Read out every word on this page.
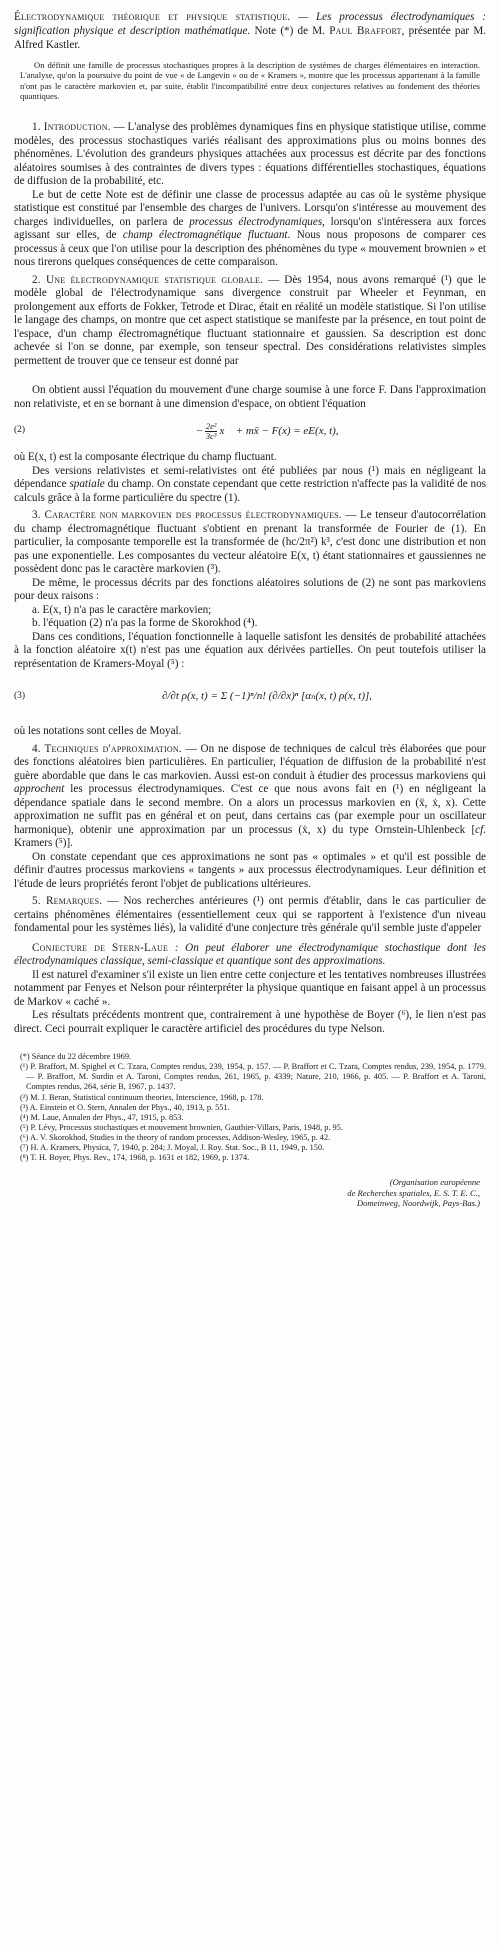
Électrodynamique théorique et physique statistique. — Les processus électrodynamiques : signification physique et description mathématique. Note (*) de M. Paul Braffort, présentée par M. Alfred Kastler.

On définit une famille de processus stochastiques propres à la description de systèmes de charges élémentaires en interaction. L'analyse, qu'on la poursuive du point de vue « de Langevin » ou de « Kramers », montre que les processus appartenant à la famille n'ont pas le caractère markovien et, par suite, établit l'incompatibilité entre deux conjectures relatives au fondement des théories quantiques.

1. Introduction. — L'analyse des problèmes dynamiques fins en physique statistique utilise, comme modèles, des processus stochastiques variés réalisant des approximations plus ou moins bonnes des phénomènes. L'évolution des grandeurs physiques attachées aux processus est décrite par des fonctions aléatoires soumises à des contraintes de divers types : équations différentielles stochastiques, équations de diffusion de la probabilité, etc.

Le but de cette Note est de définir une classe de processus adaptée au cas où le système physique statistique est constitué par l'ensemble des charges de l'univers. Lorsqu'on s'intéresse au mouvement des charges individuelles, on parlera de processus électrodynamiques, lorsqu'on s'intéressera aux forces agissant sur elles, de champ électromagnétique fluctuant. Nous nous proposons de comparer ces processus à ceux que l'on utilise pour la description des phénomènes du type « mouvement brownien » et nous tirerons quelques conséquences de cette comparaison.

2. Une électrodynamique statistique globale. — Dès 1954, nous avons remarqué (¹) que le modèle global de l'électrodynamique sans divergence construit par Wheeler et Feynman, en prolongement aux efforts de Fokker, Tetrode et Dirac, était en réalité un modèle statistique. Si l'on utilise le langage des champs, on montre que cet aspect statistique se manifeste par la présence, en tout point de l'espace, d'un champ électromagnétique fluctuant stationnaire et gaussien. Sa description est donc achevée si l'on se donne, par exemple, son tenseur spectral. Des considérations relativistes simples permettent de trouver que ce tenseur est donné par

On obtient aussi l'équation du mouvement d'une charge soumise à une force F. Dans l'approximation non relativiste, et en se bornant à une dimension d'espace, on obtient l'équation

(2)	− $\frac{\text{2e²}}{\text{3c³}}$ x⃛ + mẍ − F(x) = eE(x, t),

où E(x, t) est la composante électrique du champ fluctuant.

Des versions relativistes et semi-relativistes ont été publiées par nous (¹) mais en négligeant la dépendance spatiale du champ. On constate cependant que cette restriction n'affecte pas la validité de nos calculs grâce à la forme particulière du spectre (1).

3. Caractère non markovien des processus électrodynamiques. — Le tenseur d'autocorrélation du champ électromagnétique fluctuant s'obtient en prenant la transformée de Fourier de (1). En particulier, la composante temporelle est la transformée de (hc/2π²) k³, c'est donc une distribution et non pas une exponentielle. Les composantes du vecteur aléatoire E(x, t) étant stationnaires et gaussiennes ne possèdent donc pas le caractère markovien (³).

De même, le processus décrits par des fonctions aléatoires solutions de (2) ne sont pas markoviens pour deux raisons :

a. E(x, t) n'a pas le caractère markovien;

b. l'équation (2) n'a pas la forme de Skorokhod (⁴).

Dans ces conditions, l'équation fonctionnelle à laquelle satisfont les densités de probabilité attachées à la fonction aléatoire x(t) n'est pas une équation aux dérivées partielles. On peut toutefois utiliser la représentation de Kramers-Moyal (⁵) :

(3)	∂/∂t ρ(x, t) = Σ (−1)ⁿ/n! (∂/∂x)ⁿ [αₙ(x, t) ρ(x, t)],

où les notations sont celles de Moyal.

4. Techniques d'approximation. — On ne dispose de techniques de calcul très élaborées que pour des fonctions aléatoires bien particulières. En particulier, l'équation de diffusion de la probabilité n'est guère abordable que dans le cas markovien. Aussi est-on conduit à étudier des processus markoviens qui approchent les processus électrodynamiques. C'est ce que nous avons fait en (¹) en négligeant la dépendance spatiale dans le second membre. On a alors un processus markovien en (ẍ, ẋ, x). Cette approximation ne suffit pas en général et on peut, dans certains cas (par exemple pour un oscillateur harmonique), obtenir une approximation par un processus (ẋ, x) du type Ornstein-Uhlenbeck [cf. Kramers (⁵)].

On constate cependant que ces approximations ne sont pas « optimales » et qu'il est possible de définir d'autres processus markoviens « tangents » aux processus électrodynamiques. Leur définition et l'étude de leurs propriétés feront l'objet de publications ultérieures.

5. Remarques. — Nos recherches antérieures (¹) ont permis d'établir, dans le cas particulier de certains phénomènes élémentaires (essentiellement ceux qui se rapportent à l'existence d'un niveau fondamental pour les systèmes liés), la validité d'une conjecture très générale qu'il semble juste d'appeler

Conjecture de Stern-Laue : On peut élaborer une électrodynamique stochastique dont les électrodynamiques classique, semi-classique et quantique sont des approximations.

Il est naturel d'examiner s'il existe un lien entre cette conjecture et les tentatives nombreuses illustrées notamment par Fenyes et Nelson pour réinterpréter la physique quantique en faisant appel à un processus de Markov « caché ».

Les résultats précédents montrent que, contrairement à une hypothèse de Boyer (⁶), le lien n'est pas direct. Ceci pourrait expliquer le caractère artificiel des procédures du type Nelson.

(*) Séance du 22 décembre 1969.

(¹) P. Braffort, M. Spighel et C. Tzara, Comptes rendus, 239, 1954, p. 157. — P. Braffort et C. Tzara, Comptes rendus, 239, 1954, p. 1779. — P. Braffort, M. Surdin et A. Taroni, Comptes rendus, 261, 1965, p. 4339; Nature, 210, 1966, p. 405. — P. Braffort et A. Taroni, Comptes rendus, 264, série B, 1967, p. 1437.

(²) M. J. Beran, Statistical continuum theories, Interscience, 1968, p. 178.

(³) A. Einstein et O. Stern, Annalen der Phys., 40, 1913, p. 551.

(⁴) M. Laue, Annalen der Phys., 47, 1915, p. 853.

(⁵) P. Lévy, Processus stochastiques et mouvement brownien, Gauthier-Villars, Paris, 1948, p. 95.

(⁶) A. V. Skorokhod, Studies in the theory of random processes, Addison-Wesley, 1965, p. 42.

(⁷) H. A. Kramers, Physica, 7, 1940, p. 284; J. Moyal, J. Roy. Stat. Soc., B 11, 1949, p. 150.

(⁸) T. H. Boyer, Phys. Rev., 174, 1968, p. 1631 et 182, 1969, p. 1374.

(Organisation européenne
de Recherches spatiales, E. S. T. E. C.,
Domeinweg, Noordwijk, Pays-Bas.)
